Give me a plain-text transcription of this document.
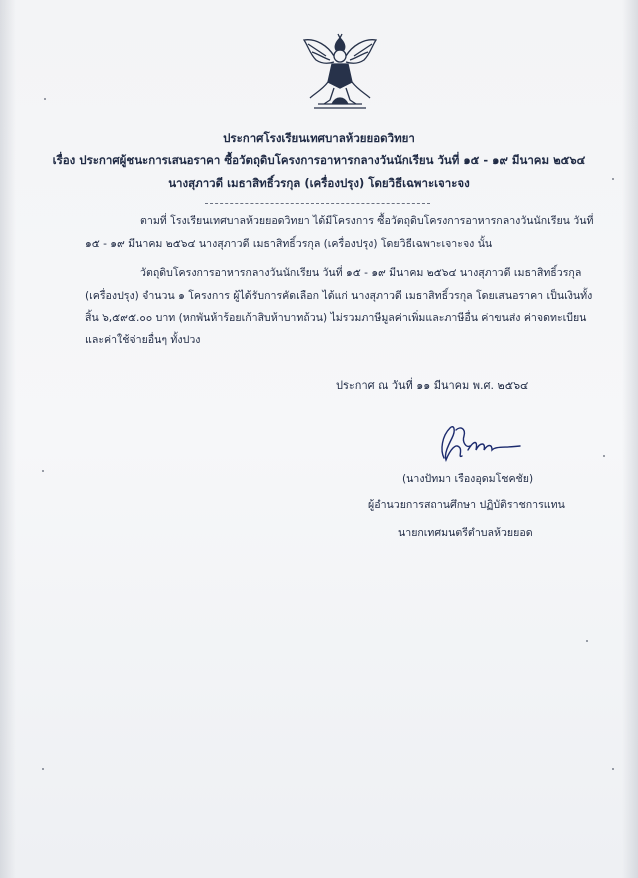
ประกาศโรงเรียนเทศบาลห้วยยอดวิทยา
เรื่อง ประกาศผู้ชนะการเสนอราคา ซื้อวัตถุดิบโครงการอาหารกลางวันนักเรียน วันที่ ๑๕ - ๑๙ มีนาคม ๒๕๖๔
นางสุภาวดี เมธาสิทธิ์วรกุล (เครื่องปรุง) โดยวิธีเฉพาะเจาะจง
ตามที่ โรงเรียนเทศบาลห้วยยอดวิทยา ได้มีโครงการ ซื้อวัตถุดิบโครงการอาหารกลางวันนักเรียน วันที่
๑๕ - ๑๙ มีนาคม ๒๕๖๔ นางสุภาวดี เมธาสิทธิ์วรกุล (เครื่องปรุง) โดยวิธีเฉพาะเจาะจง นั้น
วัตถุดิบโครงการอาหารกลางวันนักเรียน วันที่ ๑๕ - ๑๙ มีนาคม ๒๕๖๔ นางสุภาวดี เมธาสิทธิ์วรกุล
(เครื่องปรุง) จำนวน ๑ โครงการ ผู้ได้รับการคัดเลือก ได้แก่ นางสุภาวดี เมธาสิทธิ์วรกุล โดยเสนอราคา เป็นเงินทั้ง
สิ้น ๖,๕๙๕.๐๐ บาท (หกพันห้าร้อยเก้าสิบห้าบาทถ้วน) ไม่รวมภาษีมูลค่าเพิ่มและภาษีอื่น ค่าขนส่ง ค่าจดทะเบียน
และค่าใช้จ่ายอื่นๆ ทั้งปวง
ประกาศ ณ วันที่ ๑๑ มีนาคม พ.ศ. ๒๕๖๔
(นางปัทมา เรืองอุดมโชคชัย)
ผู้อำนวยการสถานศึกษา ปฏิบัติราชการแทน
นายกเทศมนตรีตำบลห้วยยอด
